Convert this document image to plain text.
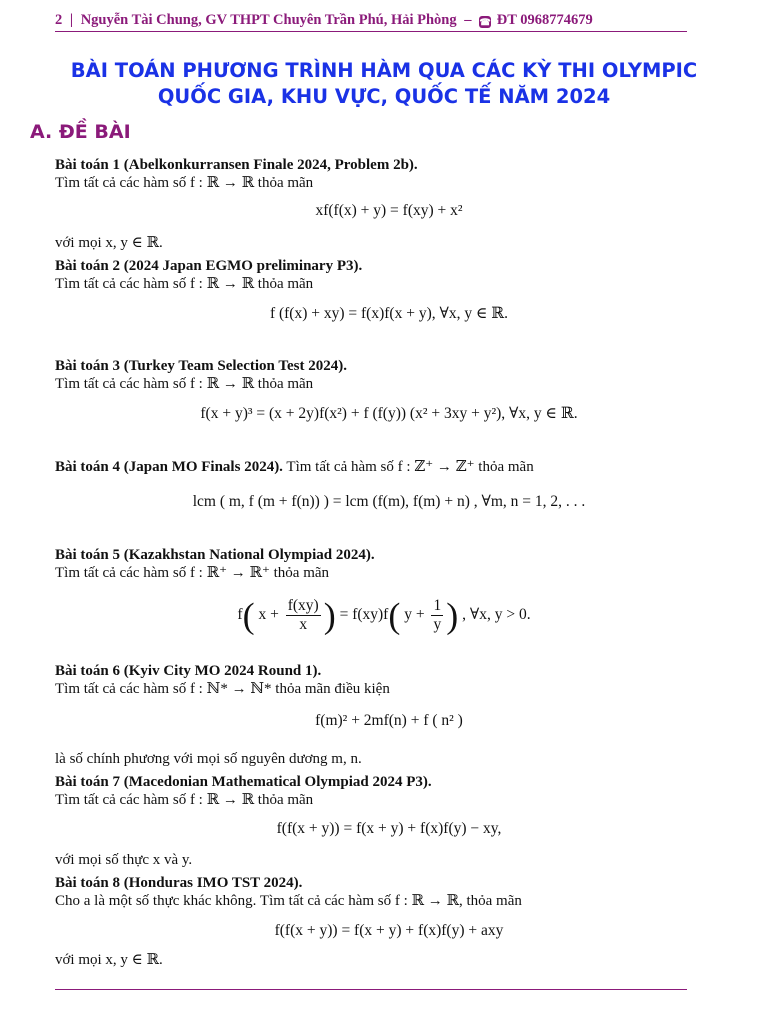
2 | Nguyễn Tài Chung, GV THPT Chuyên Trần Phú, Hải Phòng – ☎ ĐT 0968774679
BÀI TOÁN PHƯƠNG TRÌNH HÀM QUA CÁC KỲ THI OLYMPIC
QUỐC GIA, KHU VỰC, QUỐC TẾ NĂM 2024
A. ĐỀ BÀI
Bài toán 1 (Abelkonkurransen Finale 2024, Problem 2b).
Tìm tất cả các hàm số f : ℝ → ℝ thỏa mãn
xf(f(x) + y) = f(xy) + x²
với mọi x, y ∈ ℝ.
Bài toán 2 (2024 Japan EGMO preliminary P3).
Tìm tất cả các hàm số f : ℝ → ℝ thỏa mãn
f (f(x) + xy) = f(x)f(x + y), ∀x, y ∈ ℝ.
Bài toán 3 (Turkey Team Selection Test 2024).
Tìm tất cả các hàm số f : ℝ → ℝ thỏa mãn
f(x + y)³ = (x + 2y)f(x²) + f (f(y)) (x² + 3xy + y²), ∀x, y ∈ ℝ.
Bài toán 4 (Japan MO Finals 2024). Tìm tất cả hàm số f : ℤ⁺ → ℤ⁺ thỏa mãn
lcm ( m, f (m + f(n)) ) = lcm (f(m), f(m) + n) , ∀m, n = 1, 2, . . .
Bài toán 5 (Kazakhstan National Olympiad 2024).
Tìm tất cả các hàm số f : ℝ⁺ → ℝ⁺ thỏa mãn
f( $x + \frac{f(xy)}{x}$ ) = f(xy)f( $y + \frac{1}{y}$ ) , ∀x, y > 0.
Bài toán 6 (Kyiv City MO 2024 Round 1).
Tìm tất cả các hàm số f : ℕ* → ℕ* thỏa mãn điều kiện
f(m)² + 2mf(n) + f ( n² )
là số chính phương với mọi số nguyên dương m, n.
Bài toán 7 (Macedonian Mathematical Olympiad 2024 P3).
Tìm tất cả các hàm số f : ℝ → ℝ thỏa mãn
f(f(x + y)) = f(x + y) + f(x)f(y) − xy,
với mọi số thực x và y.
Bài toán 8 (Honduras IMO TST 2024).
Cho a là một số thực khác không. Tìm tất cả các hàm số f : ℝ → ℝ, thỏa mãn
f(f(x + y)) = f(x + y) + f(x)f(y) + axy
với mọi x, y ∈ ℝ.
